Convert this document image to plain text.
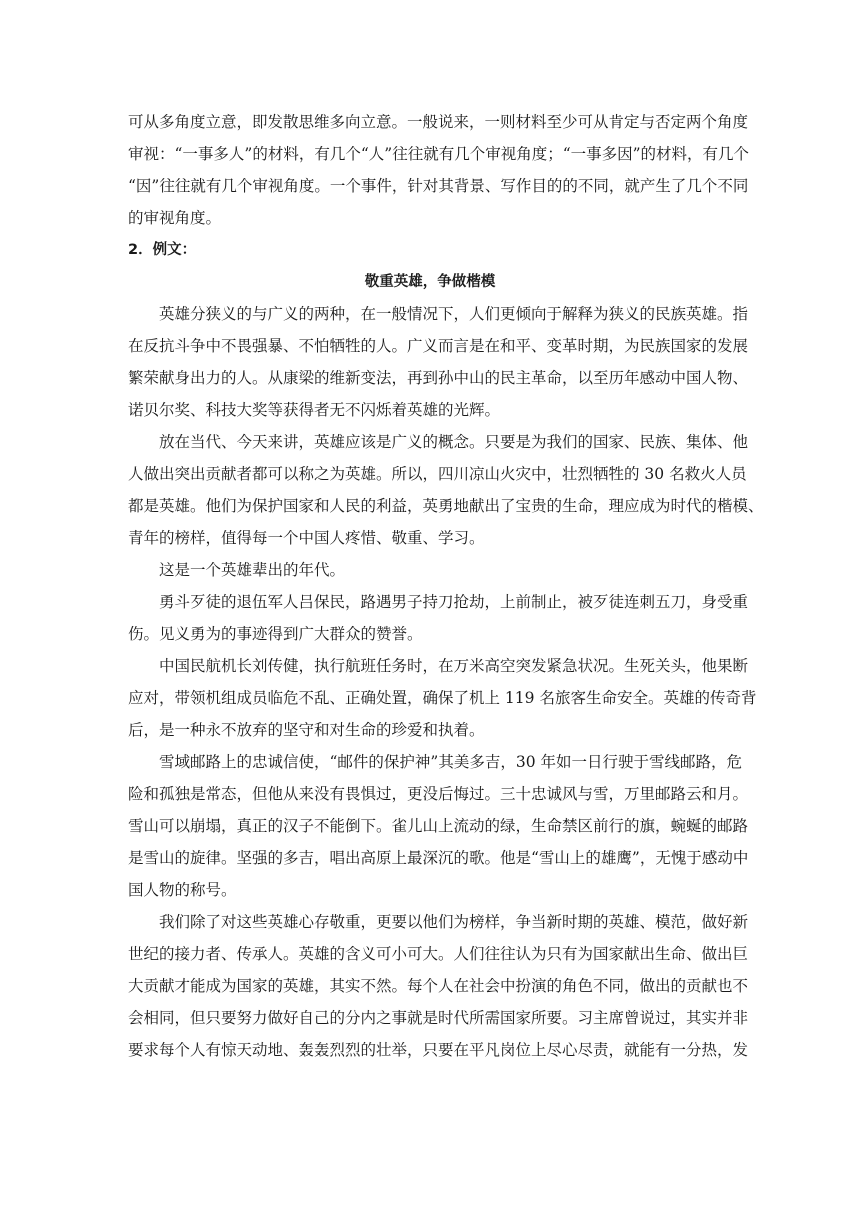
可从多角度立意，即发散思维多向立意。一般说来，一则材料至少可从肯定与否定两个角度

审视：“一事多人”的材料，有几个“人”往往就有几个审视角度；“一事多因”的材料，有几个

“因”往往就有几个审视角度。一个事件，针对其背景、写作目的的不同，就产生了几个不同

的审视角度。

2．例文：

敬重英雄，争做楷模

英雄分狭义的与广义的两种，在一般情况下，人们更倾向于解释为狭义的民族英雄。指

在反抗斗争中不畏强暴、不怕牺牲的人。广义而言是在和平、变革时期，为民族国家的发展

繁荣献身出力的人。从康梁的维新变法，再到孙中山的民主革命，以至历年感动中国人物、

诺贝尔奖、科技大奖等获得者无不闪烁着英雄的光辉。

放在当代、今天来讲，英雄应该是广义的概念。只要是为我们的国家、民族、集体、他

人做出突出贡献者都可以称之为英雄。所以，四川凉山火灾中，壮烈牺牲的 30 名救火人员

都是英雄。他们为保护国家和人民的利益，英勇地献出了宝贵的生命，理应成为时代的楷模、

青年的榜样，值得每一个中国人疼惜、敬重、学习。

这是一个英雄辈出的年代。

勇斗歹徒的退伍军人吕保民，路遇男子持刀抢劫，上前制止，被歹徒连刺五刀，身受重

伤。见义勇为的事迹得到广大群众的赞誉。

中国民航机长刘传健，执行航班任务时，在万米高空突发紧急状况。生死关头，他果断

应对，带领机组成员临危不乱、正确处置，确保了机上 119 名旅客生命安全。英雄的传奇背

后，是一种永不放弃的坚守和对生命的珍爱和执着。

雪域邮路上的忠诚信使，“邮件的保护神”其美多吉，30 年如一日行驶于雪线邮路，危

险和孤独是常态，但他从来没有畏惧过，更没后悔过。三十忠诚风与雪，万里邮路云和月。

雪山可以崩塌，真正的汉子不能倒下。雀儿山上流动的绿，生命禁区前行的旗，蜿蜒的邮路

是雪山的旋律。坚强的多吉，唱出高原上最深沉的歌。他是“雪山上的雄鹰”，无愧于感动中

国人物的称号。

我们除了对这些英雄心存敬重，更要以他们为榜样，争当新时期的英雄、模范，做好新

世纪的接力者、传承人。英雄的含义可小可大。人们往往认为只有为国家献出生命、做出巨

大贡献才能成为国家的英雄，其实不然。每个人在社会中扮演的角色不同，做出的贡献也不

会相同，但只要努力做好自己的分内之事就是时代所需国家所要。习主席曾说过，其实并非

要求每个人有惊天动地、轰轰烈烈的壮举，只要在平凡岗位上尽心尽责，就能有一分热，发
